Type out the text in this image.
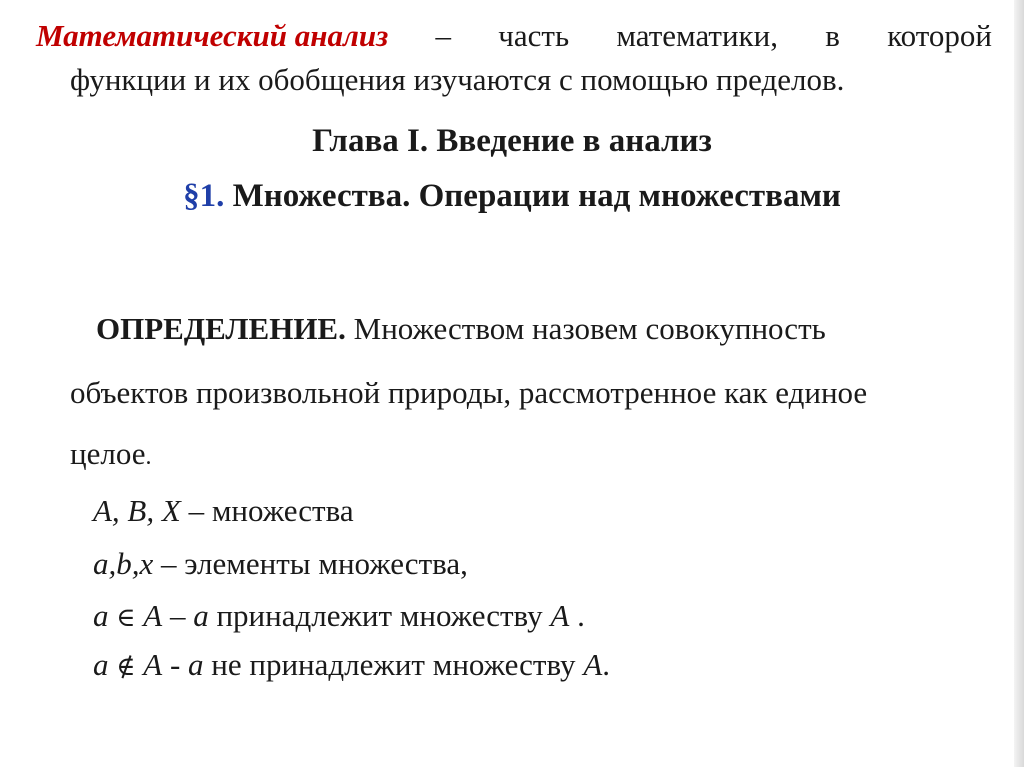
Математический анализ – часть математики, в которой
функции и их обобщения изучаются с помощью пределов.
Глава I. Введение в анализ
§1. Множества. Операции над множествами
ОПРЕДЕЛЕНИЕ. Множеством назовем совокупность
объектов произвольной природы, рассмотренное как единое
целое.
A, B, X – множества
a,b,x – элементы множества,
a ∈ A – a принадлежит множеству A .
a ∉ A - a не принадлежит множеству A.
